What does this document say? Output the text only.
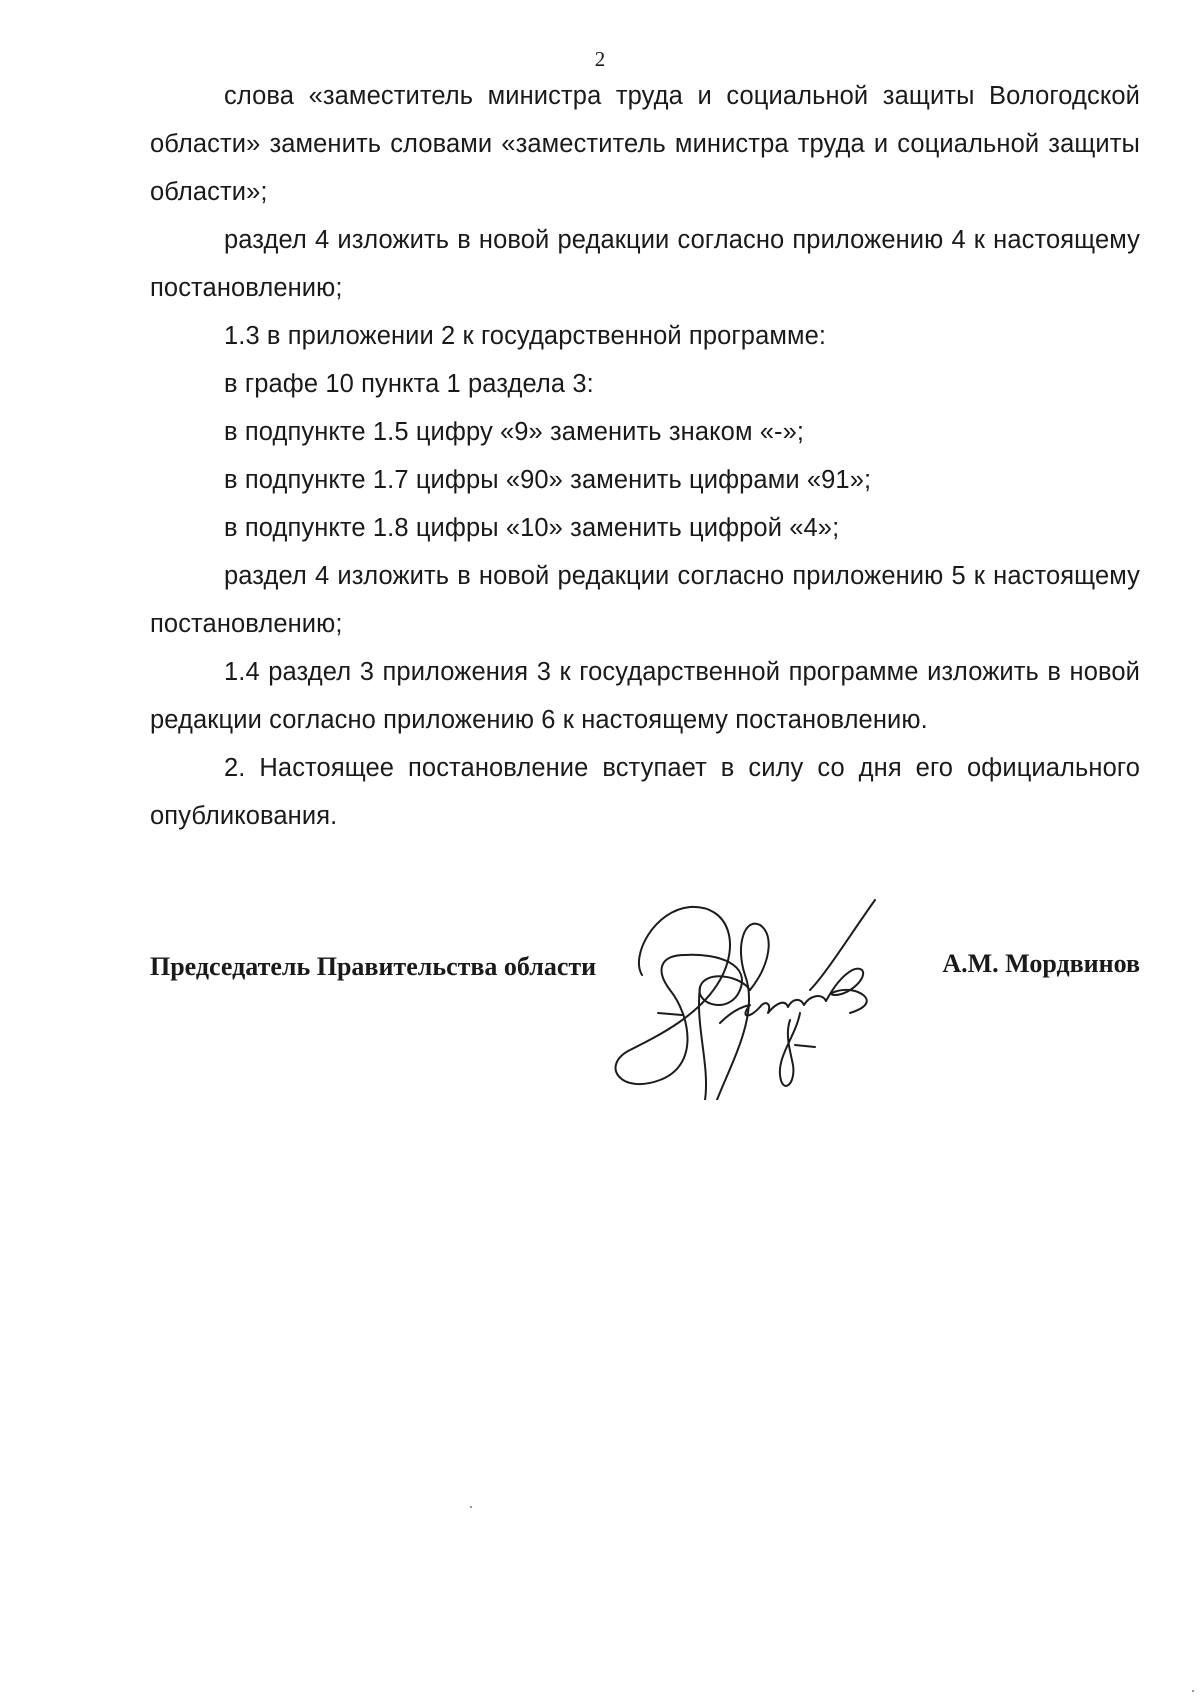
2

слова «заместитель министра труда и социальной защиты Вологодской области» заменить словами «заместитель министра труда и социальной защиты области»;

раздел 4 изложить в новой редакции согласно приложению 4 к настоящему постановлению;

1.3 в приложении 2 к государственной программе:

в графе 10 пункта 1 раздела 3:

в подпункте 1.5 цифру «9» заменить знаком «-»;

в подпункте 1.7 цифры «90» заменить цифрами «91»;

в подпункте 1.8 цифры «10» заменить цифрой «4»;

раздел 4 изложить в новой редакции согласно приложению 5 к настоящему постановлению;

1.4 раздел 3 приложения 3 к государственной программе изложить в новой редакции согласно приложению 6 к настоящему постановлению.

2. Настоящее постановление вступает в силу со дня его официального опубликования.

Председатель Правительства области	А.М. Мордвинов
